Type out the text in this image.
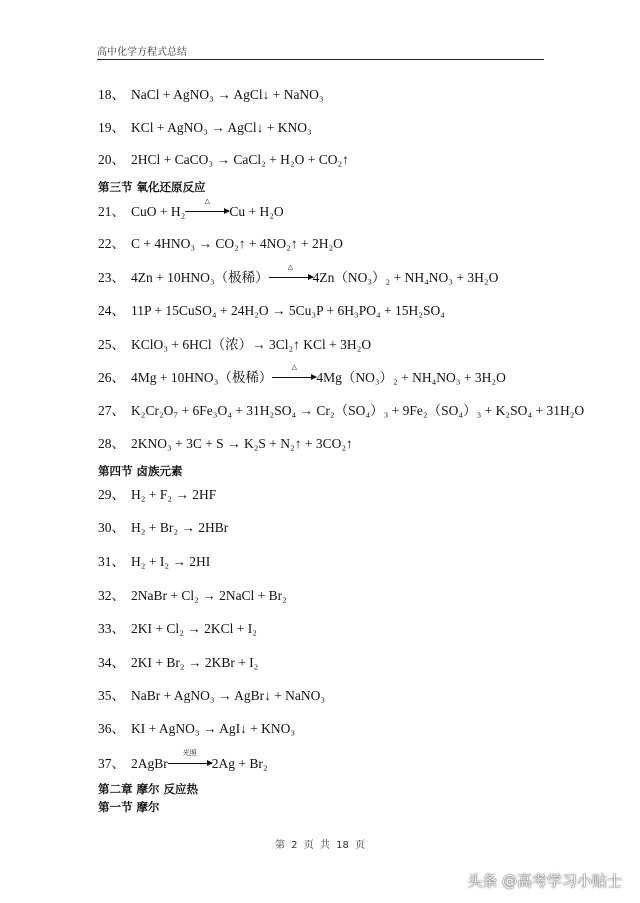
高中化学方程式总结
18、 NaCl + AgNO₃ → AgCl↓ + NaNO₃
19、 KCl + AgNO₃ → AgCl↓ + KNO₃
20、 2HCl + CaCO₃ → CaCl₂ + H₂O + CO₂↑
21、 CuO + H₂
△
Cu + H₂O
22、 C + 4HNO₃ → CO₂↑ + 4NO₂↑ + 2H₂O
23、 4Zn + 10HNO₃（极稀）
△
4Zn（NO₃）₂ + NH₄NO₃ + 3H₂O
24、 11P + 15CuSO₄ + 24H₂O → 5Cu₃P + 6H₃PO₄ + 15H₂SO₄
25、 KClO₃ + 6HCl（浓）→ 3Cl₂↑ KCl + 3H₂O
26、 4Mg + 10HNO₃（极稀）
△
4Mg（NO₃）₂ + NH₄NO₃ + 3H₂O
27、 K₂Cr₂O₇ + 6Fe₃O₄ + 31H₂SO₄ → Cr₂（SO₄）₃ + 9Fe₂（SO₄）₃ + K₂SO₄ + 31H₂O
28、 2KNO₃ + 3C + S → K₂S + N₂↑ + 3CO₂↑
29、 H₂ + F₂ → 2HF
30、 H₂ + Br₂ → 2HBr
31、 H₂ + I₂ → 2HI
32、 2NaBr + Cl₂ → 2NaCl + Br₂
33、 2KI + Cl₂ → 2KCl + I₂
34、 2KI + Br₂ → 2KBr + I₂
35、 NaBr + AgNO₃ → AgBr↓ + NaNO₃
36、 KI + AgNO₃ → AgI↓ + KNO₃
37、 2AgBr
光照
2Ag + Br₂
第三节 氧化还原反应
第四节 卤族元素
第二章 摩尔 反应热
第一节 摩尔
第 2 页 共 18 页
头条 @高考学习小贴士
